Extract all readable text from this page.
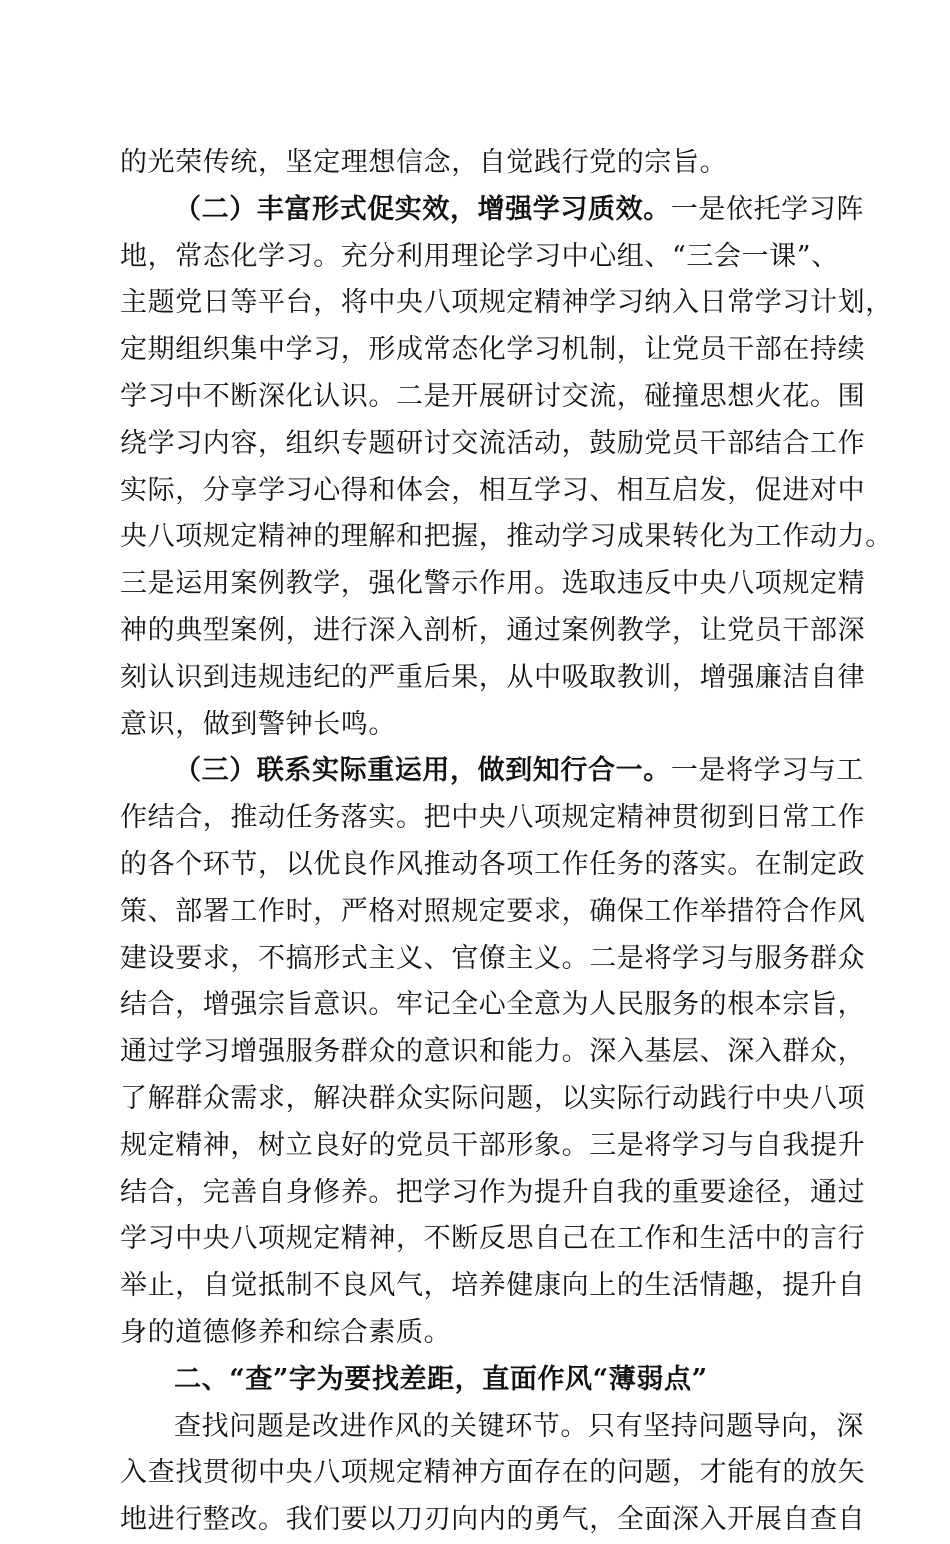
的光荣传统，坚定理想信念，自觉践行党的宗旨。
（二）丰富形式促实效，增强学习质效。一是依托学习阵
地，常态化学习。充分利用理论学习中心组、“三会一课”、
主题党日等平台，将中央八项规定精神学习纳入日常学习计划，
定期组织集中学习，形成常态化学习机制，让党员干部在持续
学习中不断深化认识。二是开展研讨交流，碰撞思想火花。围
绕学习内容，组织专题研讨交流活动，鼓励党员干部结合工作
实际，分享学习心得和体会，相互学习、相互启发，促进对中
央八项规定精神的理解和把握，推动学习成果转化为工作动力。
三是运用案例教学，强化警示作用。选取违反中央八项规定精
神的典型案例，进行深入剖析，通过案例教学，让党员干部深
刻认识到违规违纪的严重后果，从中吸取教训，增强廉洁自律
意识，做到警钟长鸣。
（三）联系实际重运用，做到知行合一。一是将学习与工
作结合，推动任务落实。把中央八项规定精神贯彻到日常工作
的各个环节，以优良作风推动各项工作任务的落实。在制定政
策、部署工作时，严格对照规定要求，确保工作举措符合作风
建设要求，不搞形式主义、官僚主义。二是将学习与服务群众
结合，增强宗旨意识。牢记全心全意为人民服务的根本宗旨，
通过学习增强服务群众的意识和能力。深入基层、深入群众，
了解群众需求，解决群众实际问题，以实际行动践行中央八项
规定精神，树立良好的党员干部形象。三是将学习与自我提升
结合，完善自身修养。把学习作为提升自我的重要途径，通过
学习中央八项规定精神，不断反思自己在工作和生活中的言行
举止，自觉抵制不良风气，培养健康向上的生活情趣，提升自
身的道德修养和综合素质。
二、“查”字为要找差距，直面作风“薄弱点”
查找问题是改进作风的关键环节。只有坚持问题导向，深
入查找贯彻中央八项规定精神方面存在的问题，才能有的放矢
地进行整改。我们要以刀刃向内的勇气，全面深入开展自查自
